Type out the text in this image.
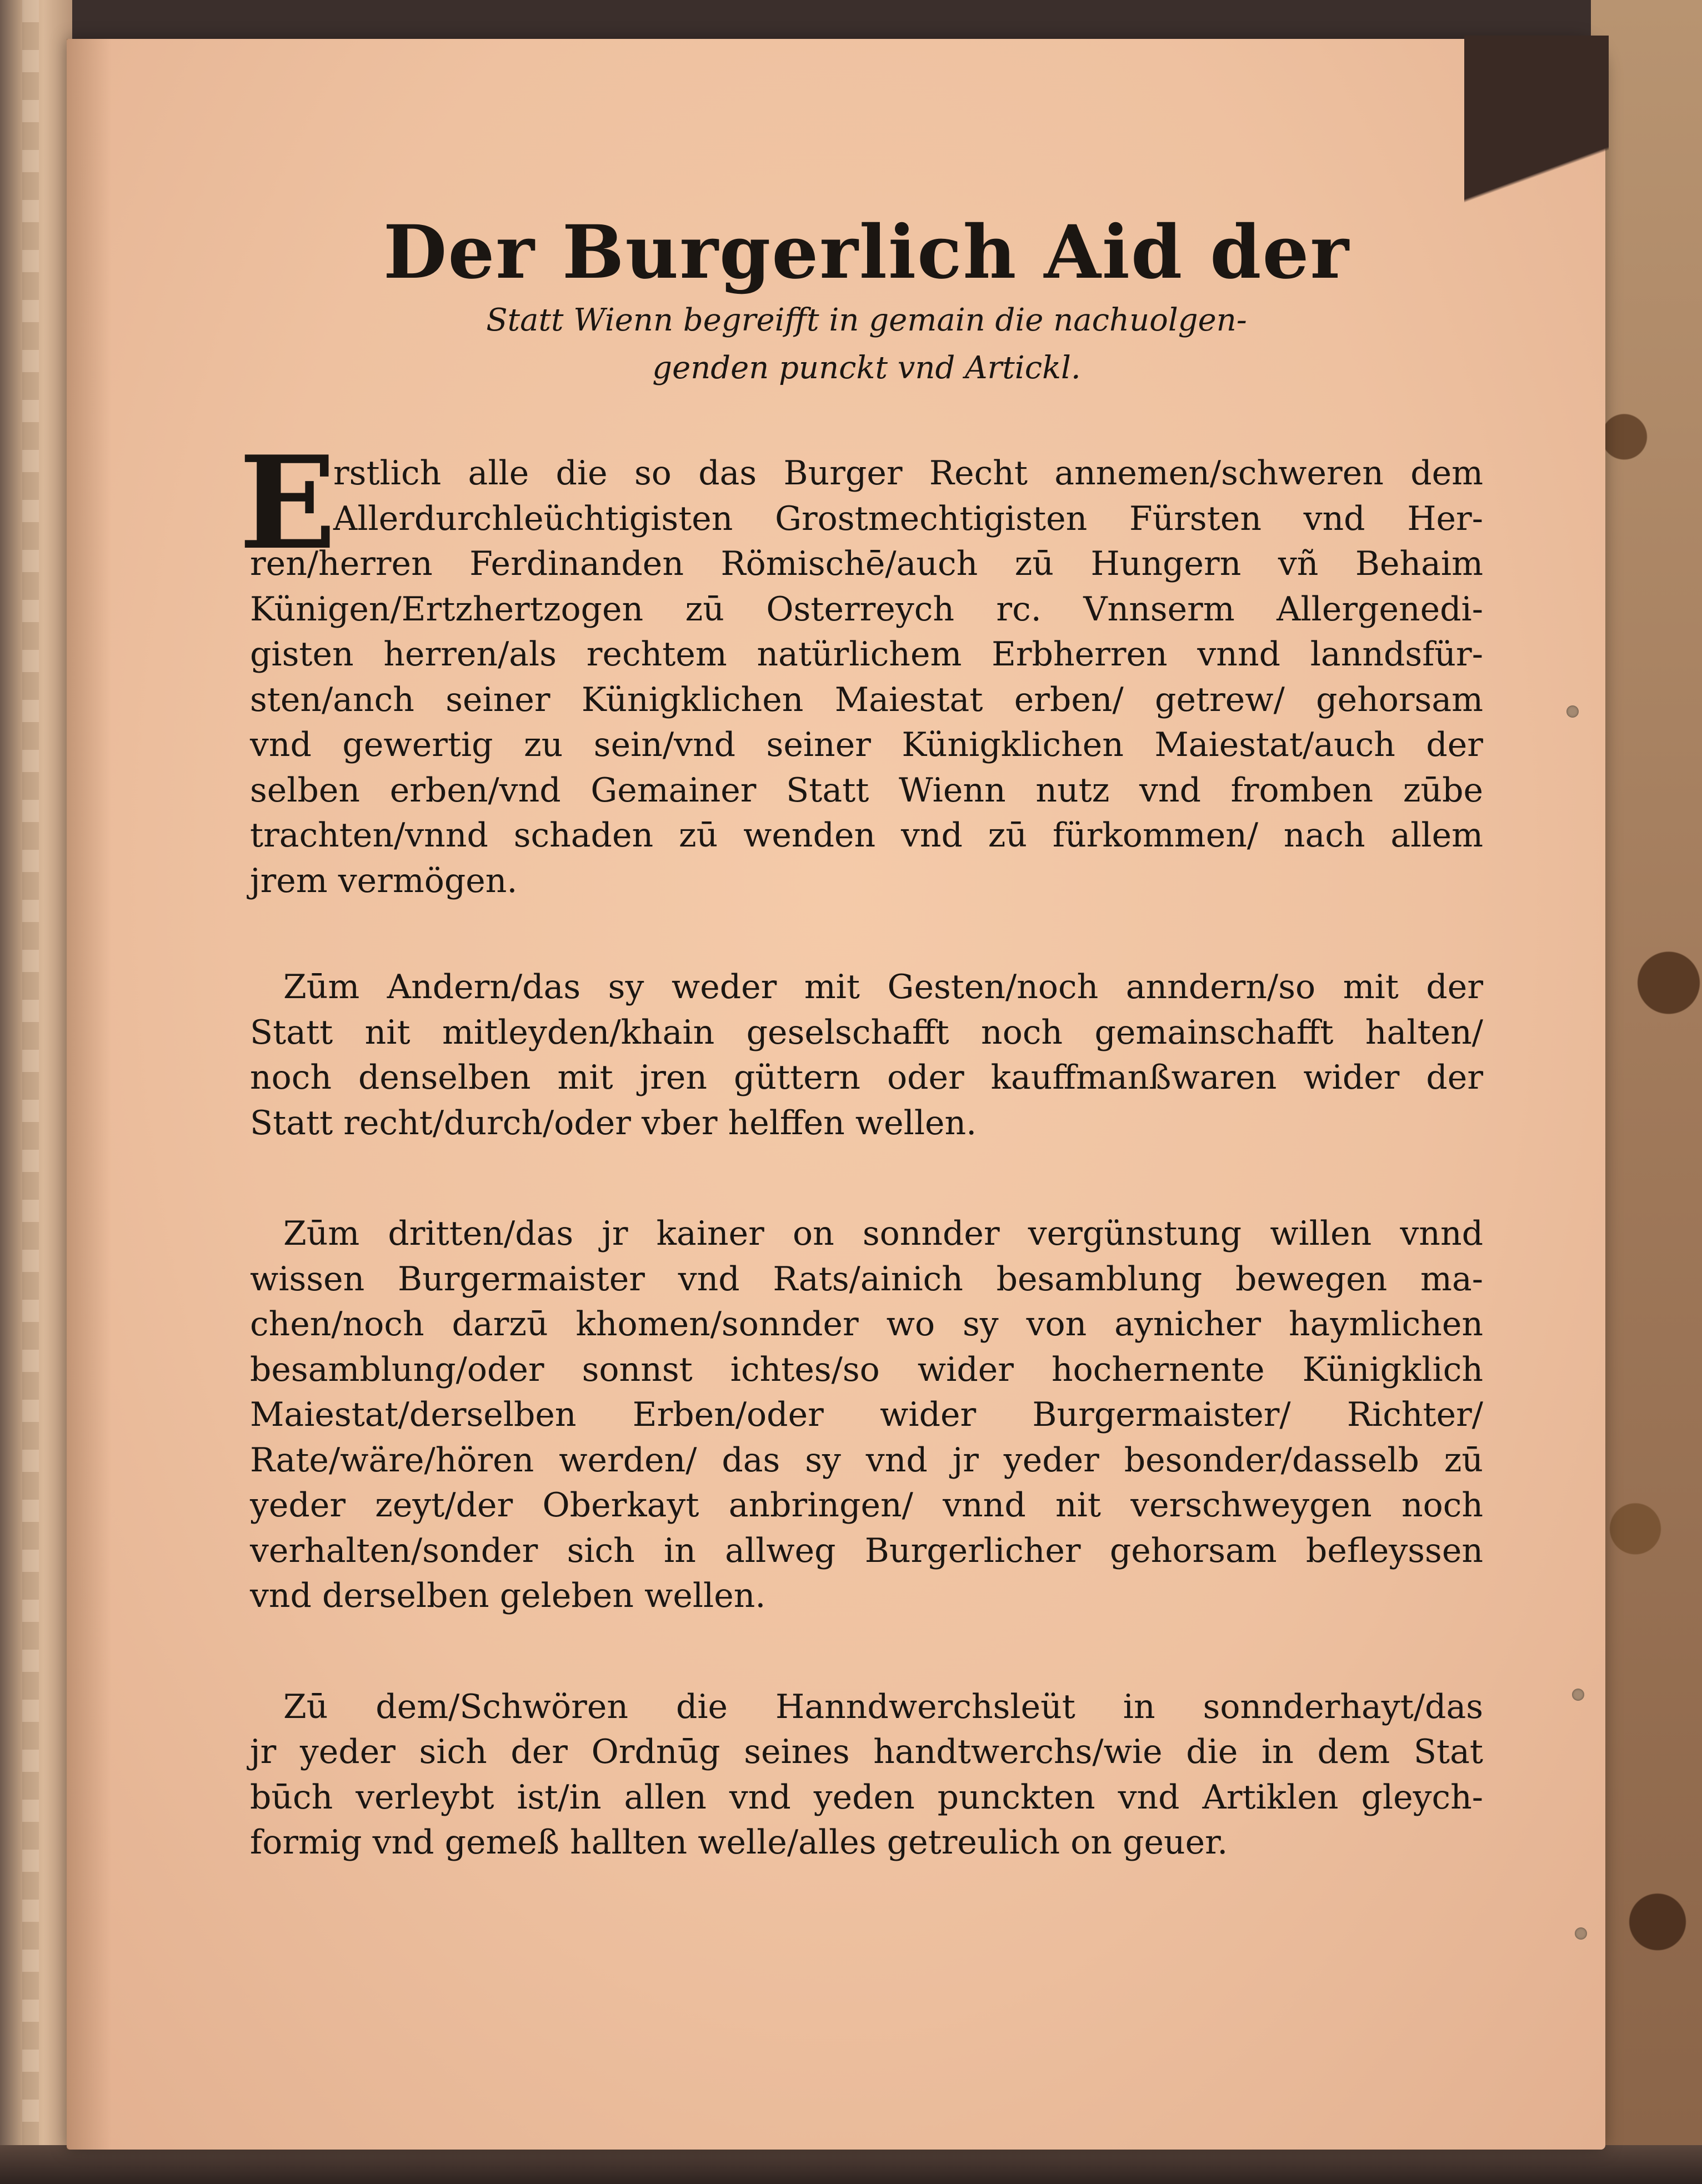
Der Burgerlich Aid der

Statt Wienn begreifft in gemain die nachuolgen-
genden punckt vnd Artickl.

E
rstlich alle die so das Burger Recht annemen/schweren dem
Allerdurchleüchtigisten Grostmechtigisten Fürsten vnd Her-
ren/herren Ferdinanden Römischē/auch zū Hungern vñ Behaim
Künigen/Ertzhertzogen zū Osterreych rc. Vnnserm Allergenedi-
gisten herren/als rechtem natürlichem Erbherren vnnd lanndsfür-
sten/anch seiner Künigklichen Maiestat erben/ getrew/ gehorsam
vnd gewertig zu sein/vnd seiner Künigklichen Maiestat/auch der
selben erben/vnd Gemainer Statt Wienn nutz vnd fromben zūbe
trachten/vnnd schaden zū wenden vnd zū fürkommen/ nach allem
jrem vermögen.
Zūm Andern/das sy weder mit Gesten/noch anndern/so mit der
Statt nit mitleyden/khain geselschafft noch gemainschafft halten/
noch denselben mit jren güttern oder kauffmanßwaren wider der
Statt recht/durch/oder vber helffen wellen.
Zūm dritten/das jr kainer on sonnder vergünstung willen vnnd
wissen Burgermaister vnd Rats/ainich besamblung bewegen ma-
chen/noch darzū khomen/sonnder wo sy von aynicher haymlichen
besamblung/oder sonnst ichtes/so wider hochernente Künigklich
Maiestat/derselben Erben/oder wider Burgermaister/ Richter/
Rate/wäre/hören werden/ das sy vnd jr yeder besonder/dasselb zū
yeder zeyt/der Oberkayt anbringen/ vnnd nit verschweygen noch
verhalten/sonder sich in allweg Burgerlicher gehorsam befleyssen
vnd derselben geleben wellen.
Zū dem/Schwören die Hanndwerchsleüt in sonnderhayt/das
jr yeder sich der Ordnūg seines handtwerchs/wie die in dem Stat
būch verleybt ist/in allen vnd yeden punckten vnd Artiklen gleych-
formig vnd gemeß hallten welle/alles getreulich on geuer.
